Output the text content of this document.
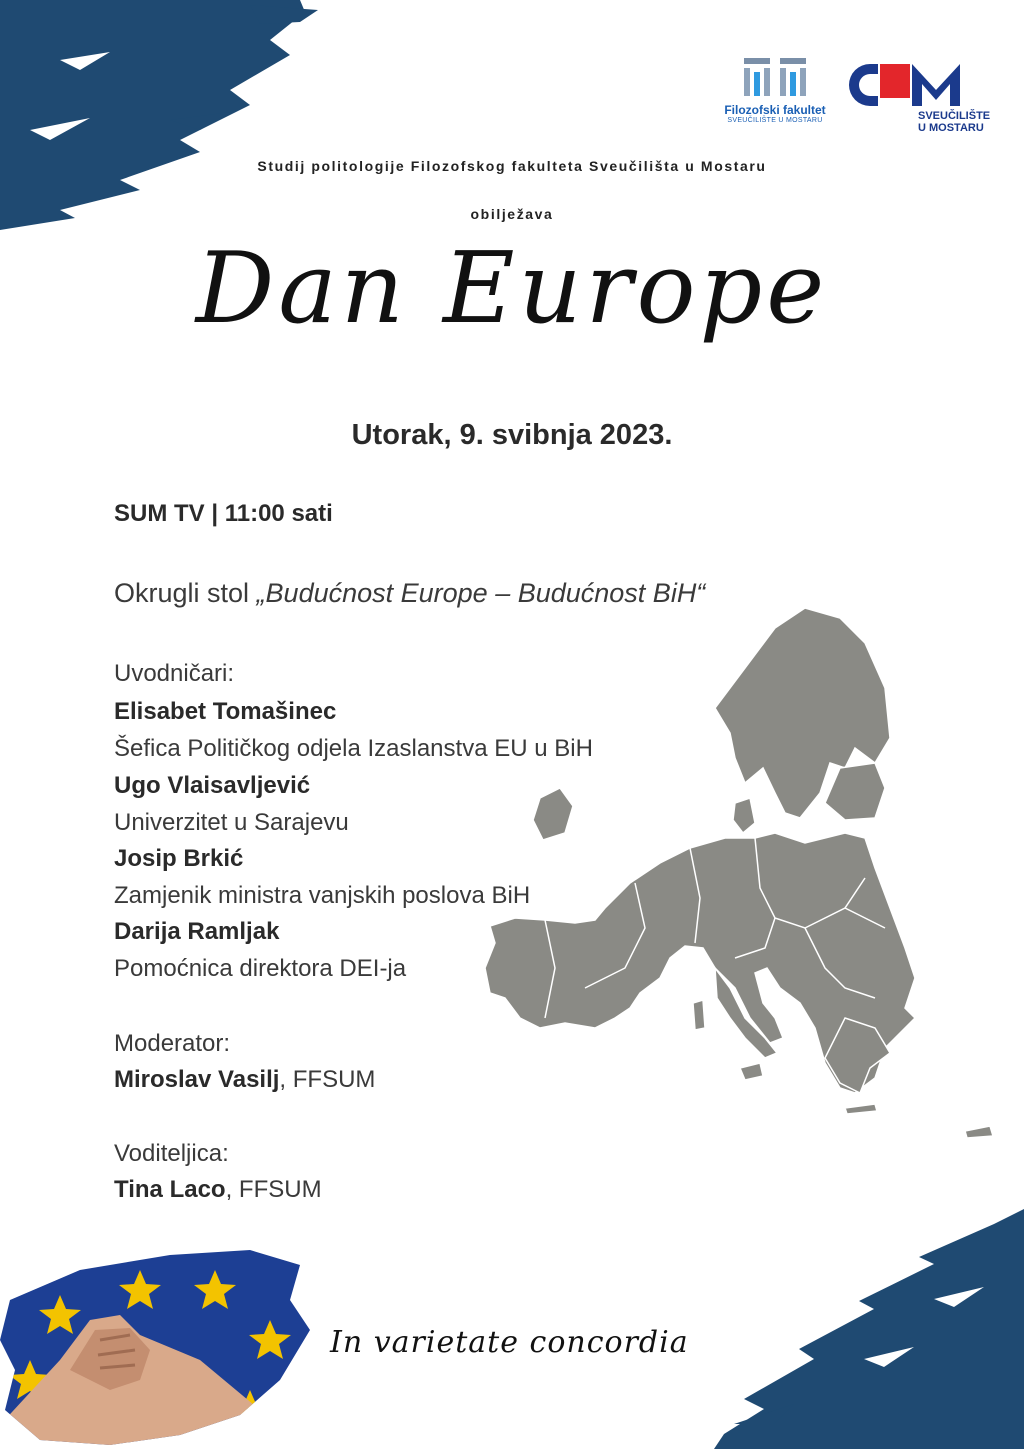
Filozofski fakultet
SVEUČILIŠTE U MOSTARU	SVEUČILIŠTE
U MOSTARU
Studij politologije Filozofskog fakulteta Sveučilišta u Mostaru
obilježava
Dan Europe
Utorak, 9. svibnja 2023.
SUM TV | 11:00 sati
Okrugli stol „Budućnost Europe – Budućnost BiH“
Uvodničari:
Elisabet Tomašinec
Šefica Političkog odjela Izaslanstva EU u BiH
Ugo Vlaisavljević
Univerzitet u Sarajevu
Josip Brkić
Zamjenik ministra vanjskih poslova BiH
Darija Ramljak
Pomoćnica direktora DEI-ja
Moderator:
Miroslav Vasilj, FFSUM
Voditeljica:
Tina Laco, FFSUM
In varietate concordia
